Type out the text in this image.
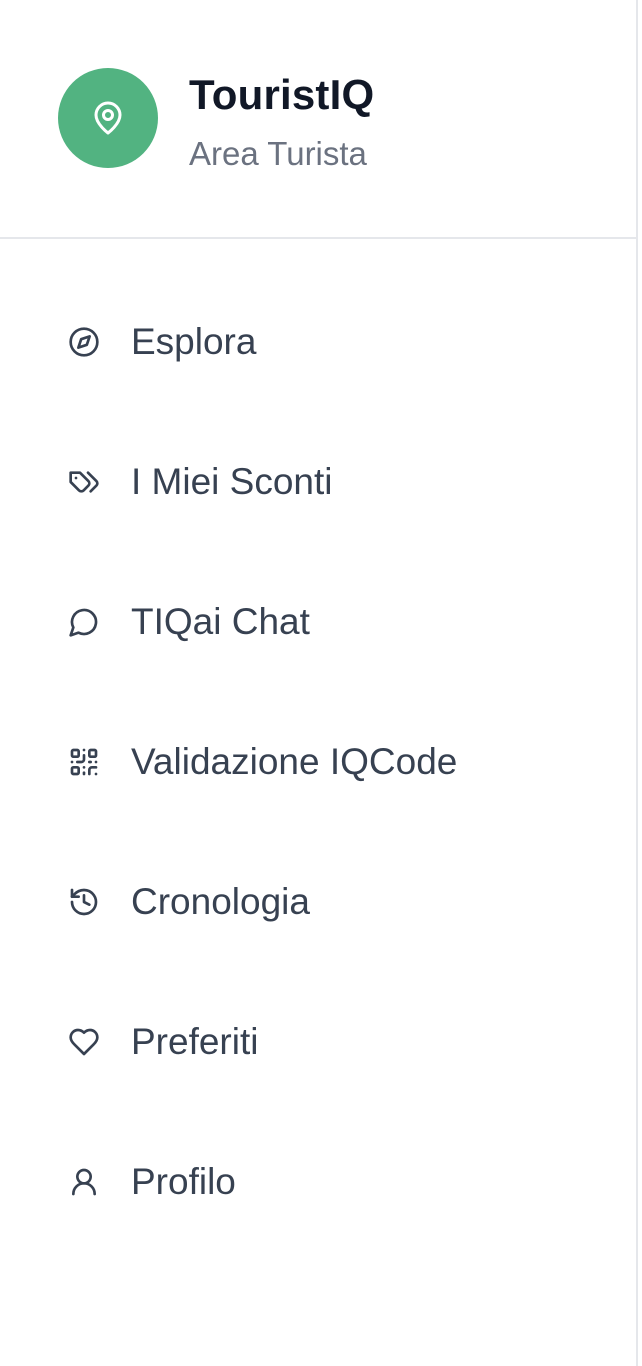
TouristIQ
Area Turista
Esplora
I Miei Sconti
TIQai Chat
Validazione IQCode
Cronologia
Preferiti
Profilo
